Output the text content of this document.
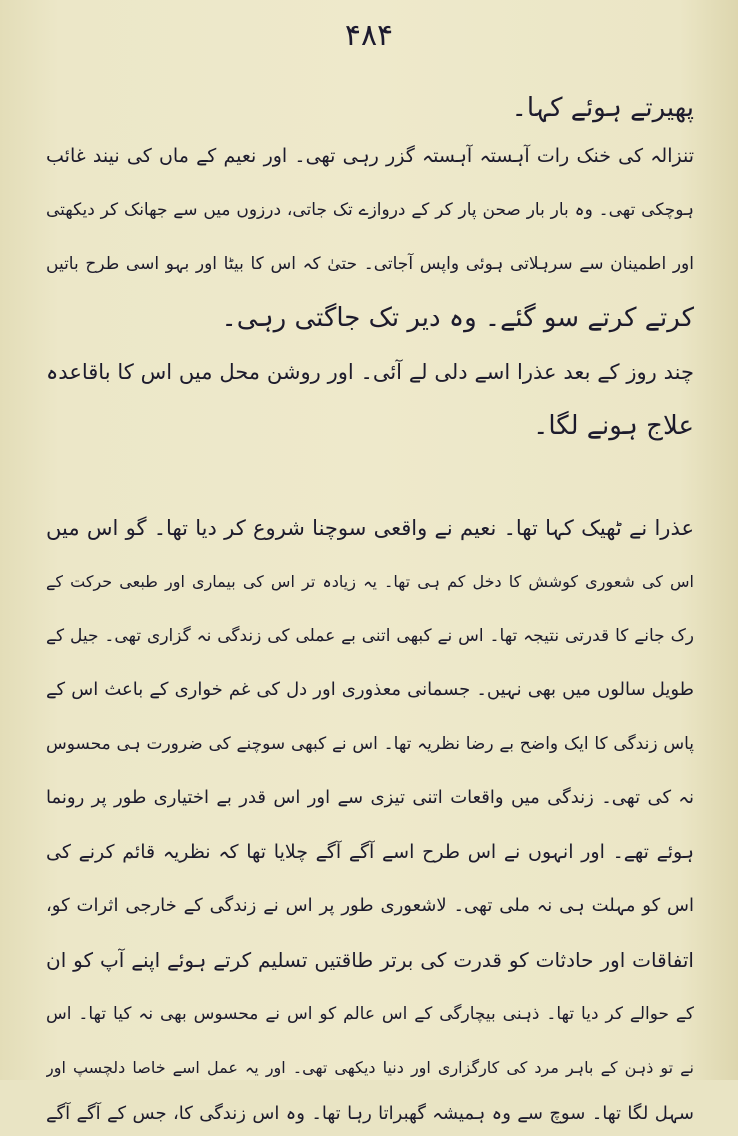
۴۸۴
پھیرتے ہوئے کہا۔
تنزالہ کی خنک رات آہستہ آہستہ گزر رہی تھی۔ اور نعیم کے ماں کی نیند غائب
ہوچکی تھی۔ وہ بار بار صحن پار کر کے دروازے تک جاتی، درزوں میں سے جھانک کر دیکھتی
اور اطمینان سے سرہلاتی ہوئی واپس آجاتی۔ حتیٰ کہ اس کا بیٹا اور بہو اسی طرح باتیں
کرتے کرتے سو گئے۔ وہ دیر تک جاگتی رہی۔
چند روز کے بعد عذرا اسے دلی لے آئی۔ اور روشن محل میں اس کا باقاعدہ
علاج ہونے لگا۔
عذرا نے ٹھیک کہا تھا۔ نعیم نے واقعی سوچنا شروع کر دیا تھا۔ گو اس میں
اس کی شعوری کوشش کا دخل کم ہی تھا۔ یہ زیادہ تر اس کی بیماری اور طبعی حرکت کے
رک جانے کا قدرتی نتیجہ تھا۔ اس نے کبھی اتنی بے عملی کی زندگی نہ گزاری تھی۔ جیل کے
طویل سالوں میں بھی نہیں۔ جسمانی معذوری اور دل کی غم خواری کے باعث اس کے
پاس زندگی کا ایک واضح بے رضا نظریہ تھا۔ اس نے کبھی سوچنے کی ضرورت ہی محسوس
نہ کی تھی۔ زندگی میں واقعات اتنی تیزی سے اور اس قدر بے اختیاری طور پر رونما
ہوئے تھے۔ اور انہوں نے اس طرح اسے آگے آگے چلایا تھا کہ نظریہ قائم کرنے کی
اس کو مہلت ہی نہ ملی تھی۔ لاشعوری طور پر اس نے زندگی کے خارجی اثرات کو،
اتفاقات اور حادثات کو قدرت کی برتر طاقتیں تسلیم کرتے ہوئے اپنے آپ کو ان
کے حوالے کر دیا تھا۔ ذہنی بیچارگی کے اس عالم کو اس نے محسوس بھی نہ کیا تھا۔ اس
نے تو ذہن کے باہر مرد کی کارگزاری اور دنیا دیکھی تھی۔ اور یہ عمل اسے خاصا دلچسپ اور
سہل لگا تھا۔ سوچ سے وہ ہمیشہ گھبراتا رہا تھا۔ وہ اس زندگی کا، جس کے آگے آگے
